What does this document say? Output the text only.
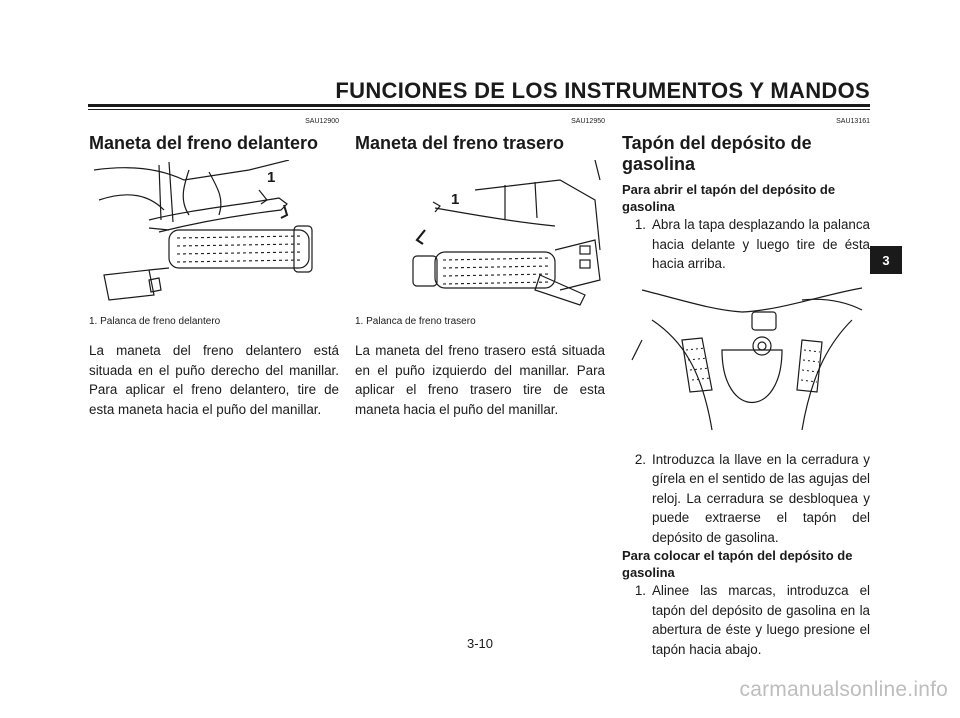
FUNCIONES DE LOS INSTRUMENTOS Y MANDOS
SAU12900
Maneta del freno delantero
1
1. Palanca de freno delantero

La maneta del freno delantero está situada en el puño derecho del manillar. Para aplicar el freno delantero, tire de esta maneta hacia el puño del manillar.

SAU12950
Maneta del freno trasero
1
1. Palanca de freno trasero

La maneta del freno trasero está situada en el puño izquierdo del manillar. Para aplicar el freno trasero tire de esta maneta hacia el puño del manillar.

SAU13161
Tapón del depósito de gasolina
Para abrir el tapón del depósito de gasolina
1. Abra la tapa desplazando la palanca hacia delante y luego tire de ésta hacia arriba.
2. Introduzca la llave en la cerradura y gírela en el sentido de las agujas del reloj. La cerradura se desbloquea y puede extraerse el tapón del depósito de gasolina.
Para colocar el tapón del depósito de gasolina
1. Alinee las marcas, introduzca el tapón del depósito de gasolina en la abertura de éste y luego presione el tapón hacia abajo.
3-10
3
carmanualsonline.info
